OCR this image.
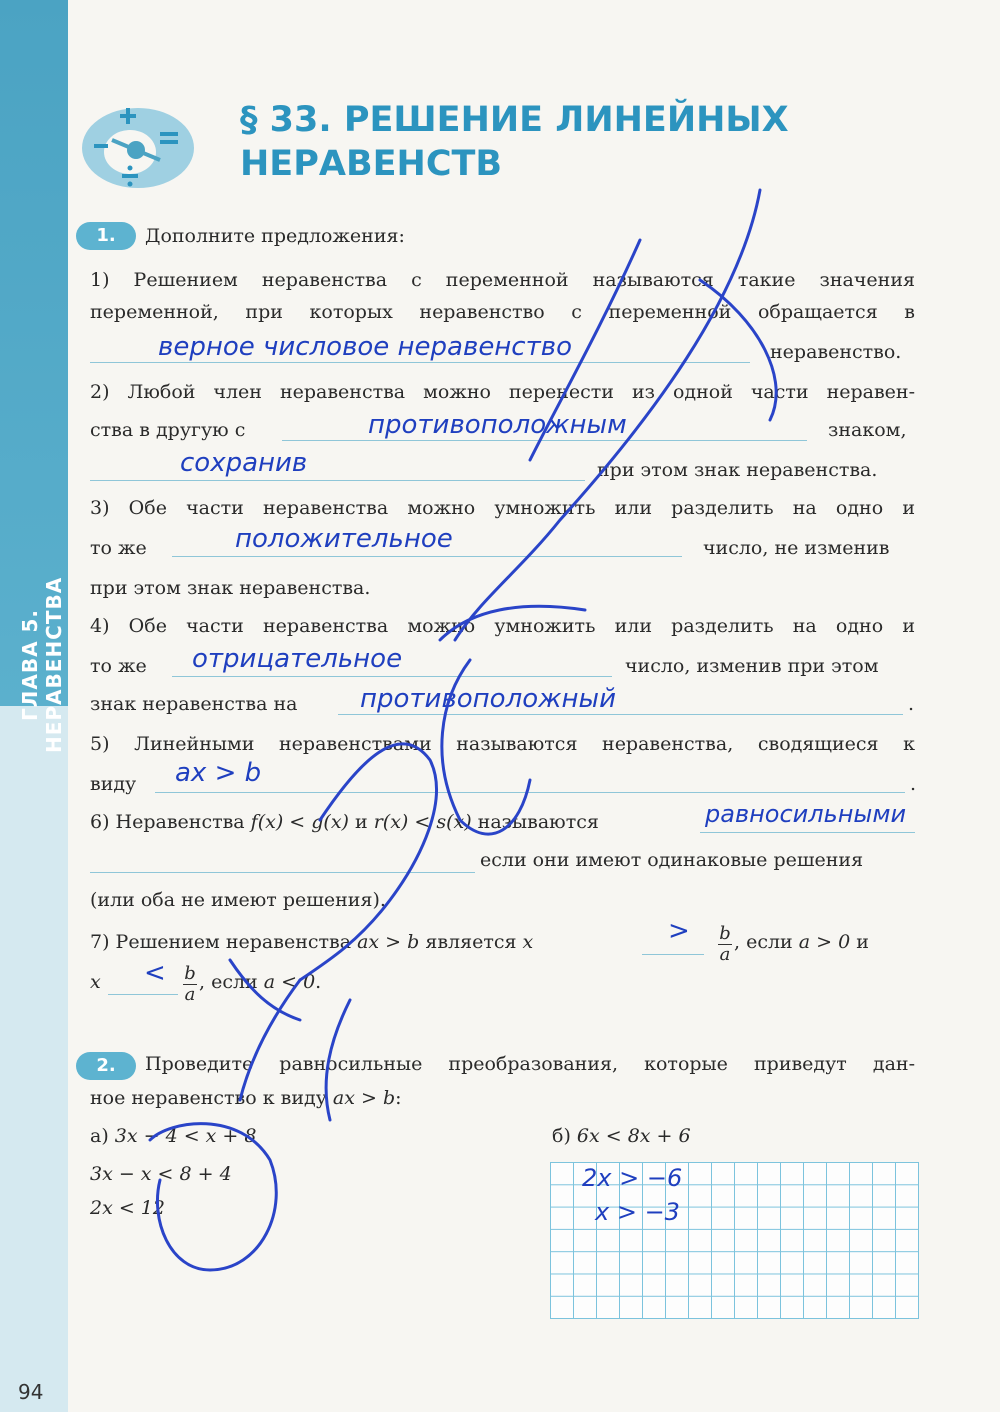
ГЛАВА 5. НЕРАВЕНСТВА
94
§ 33. РЕШЕНИЕ ЛИНЕЙНЫХ
НЕРАВЕНСТВ
1.	Дополните предложения:
1) Решением неравенства с переменной называются такие значения
переменной, при которых неравенство с переменной обращается в
верное числовое неравенство	неравенство.
2) Любой член неравенства можно перенести из одной части нерaвен-
ства в другую с	противоположным	знаком,
сохранив	при этом знак неравенства.
3) Обе части неравенства можно умножить или разделить на одно и
то же	положительное	число, не изменив
при этом знак неравенства.
4) Обе части неравенства можно умножить или разделить на одно и
то же отрицательное	число, изменив при этом
знак неравенства на противоположный	.
5) Линейными неравенствами называются неравенства, сводящиеся к
виду ax > b	.
6) Неравенства f(x) < g(x) и r(x) < s(x) называются	равносильными
если они имеют одинаковые решения
(или оба не имеют решения).
7) Решением неравенства ax > b является x	> $\frac{b}{a}$ , если a > 0 и
$x < \frac{b}{a}$ , если a < 0.
2.	Проведите равносильные преобразования, которые приведут дан-
ное неравенство к виду ax > b:
а) 3x − 4 < x + 8
3x − x < 8 + 4
2x < 12
б) 6x < 8x + 6
2x > −6
x > −3
